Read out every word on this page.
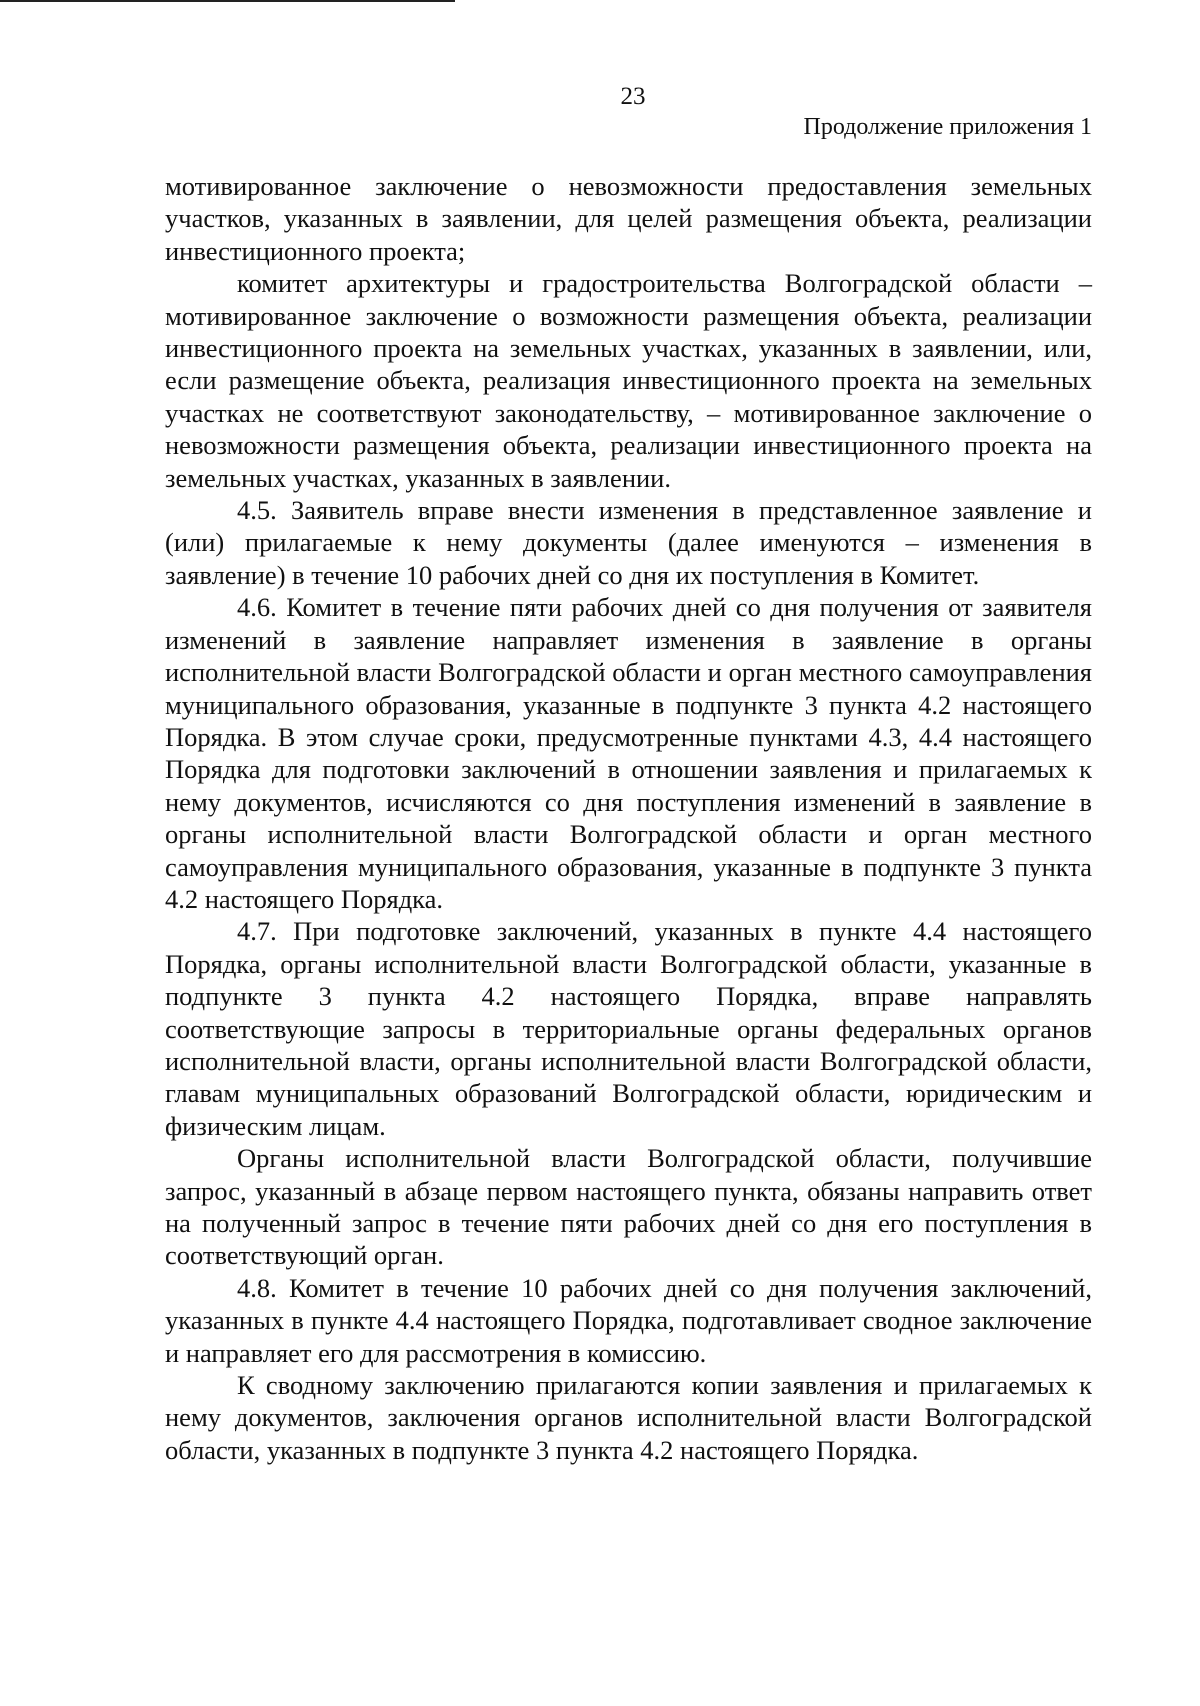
23
Продолжение приложения 1

мотивированное заключение о невозможности предоставления земельных участков, указанных в заявлении, для целей размещения объекта, реализации инвестиционного проекта;

комитет архитектуры и градостроительства Волгоградской области – мотивированное заключение о возможности размещения объекта, реализации инвестиционного проекта на земельных участках, указанных в заявлении, или, если размещение объекта, реализация инвестиционного проекта на земельных участках не соответствуют законодательству, – мотивированное заключение о невозможности размещения объекта, реализации инвестиционного проекта на земельных участках, указанных в заявлении.

4.5. Заявитель вправе внести изменения в представленное заявление и (или) прилагаемые к нему документы (далее именуются – изменения в заявление) в течение 10 рабочих дней со дня их поступления в Комитет.

4.6. Комитет в течение пяти рабочих дней со дня получения от заявителя изменений в заявление направляет изменения в заявление в органы исполнительной власти Волгоградской области и орган местного самоуправления муниципального образования, указанные в подпункте 3 пункта 4.2 настоящего Порядка. В этом случае сроки, предусмотренные пунктами 4.3, 4.4 настоящего Порядка для подготовки заключений в отношении заявления и прилагаемых к нему документов, исчисляются со дня поступления изменений в заявление в органы исполнительной власти Волгоградской области и орган местного самоуправления муниципального образования, указанные в подпункте 3 пункта 4.2 настоящего Порядка.

4.7. При подготовке заключений, указанных в пункте 4.4 настоящего Порядка, органы исполнительной власти Волгоградской области, указанные в подпункте 3 пункта 4.2 настоящего Порядка, вправе направлять соответствующие запросы в территориальные органы федеральных органов исполнительной власти, органы исполнительной власти Волгоградской области, главам муниципальных образований Волгоградской области, юридическим и физическим лицам.

Органы исполнительной власти Волгоградской области, получившие запрос, указанный в абзаце первом настоящего пункта, обязаны направить ответ на полученный запрос в течение пяти рабочих дней со дня его поступления в соответствующий орган.

4.8. Комитет в течение 10 рабочих дней со дня получения заключений, указанных в пункте 4.4 настоящего Порядка, подготавливает сводное заключение и направляет его для рассмотрения в комиссию.

К сводному заключению прилагаются копии заявления и прилагаемых к нему документов, заключения органов исполнительной власти Волгоградской области, указанных в подпункте 3 пункта 4.2 настоящего Порядка.
